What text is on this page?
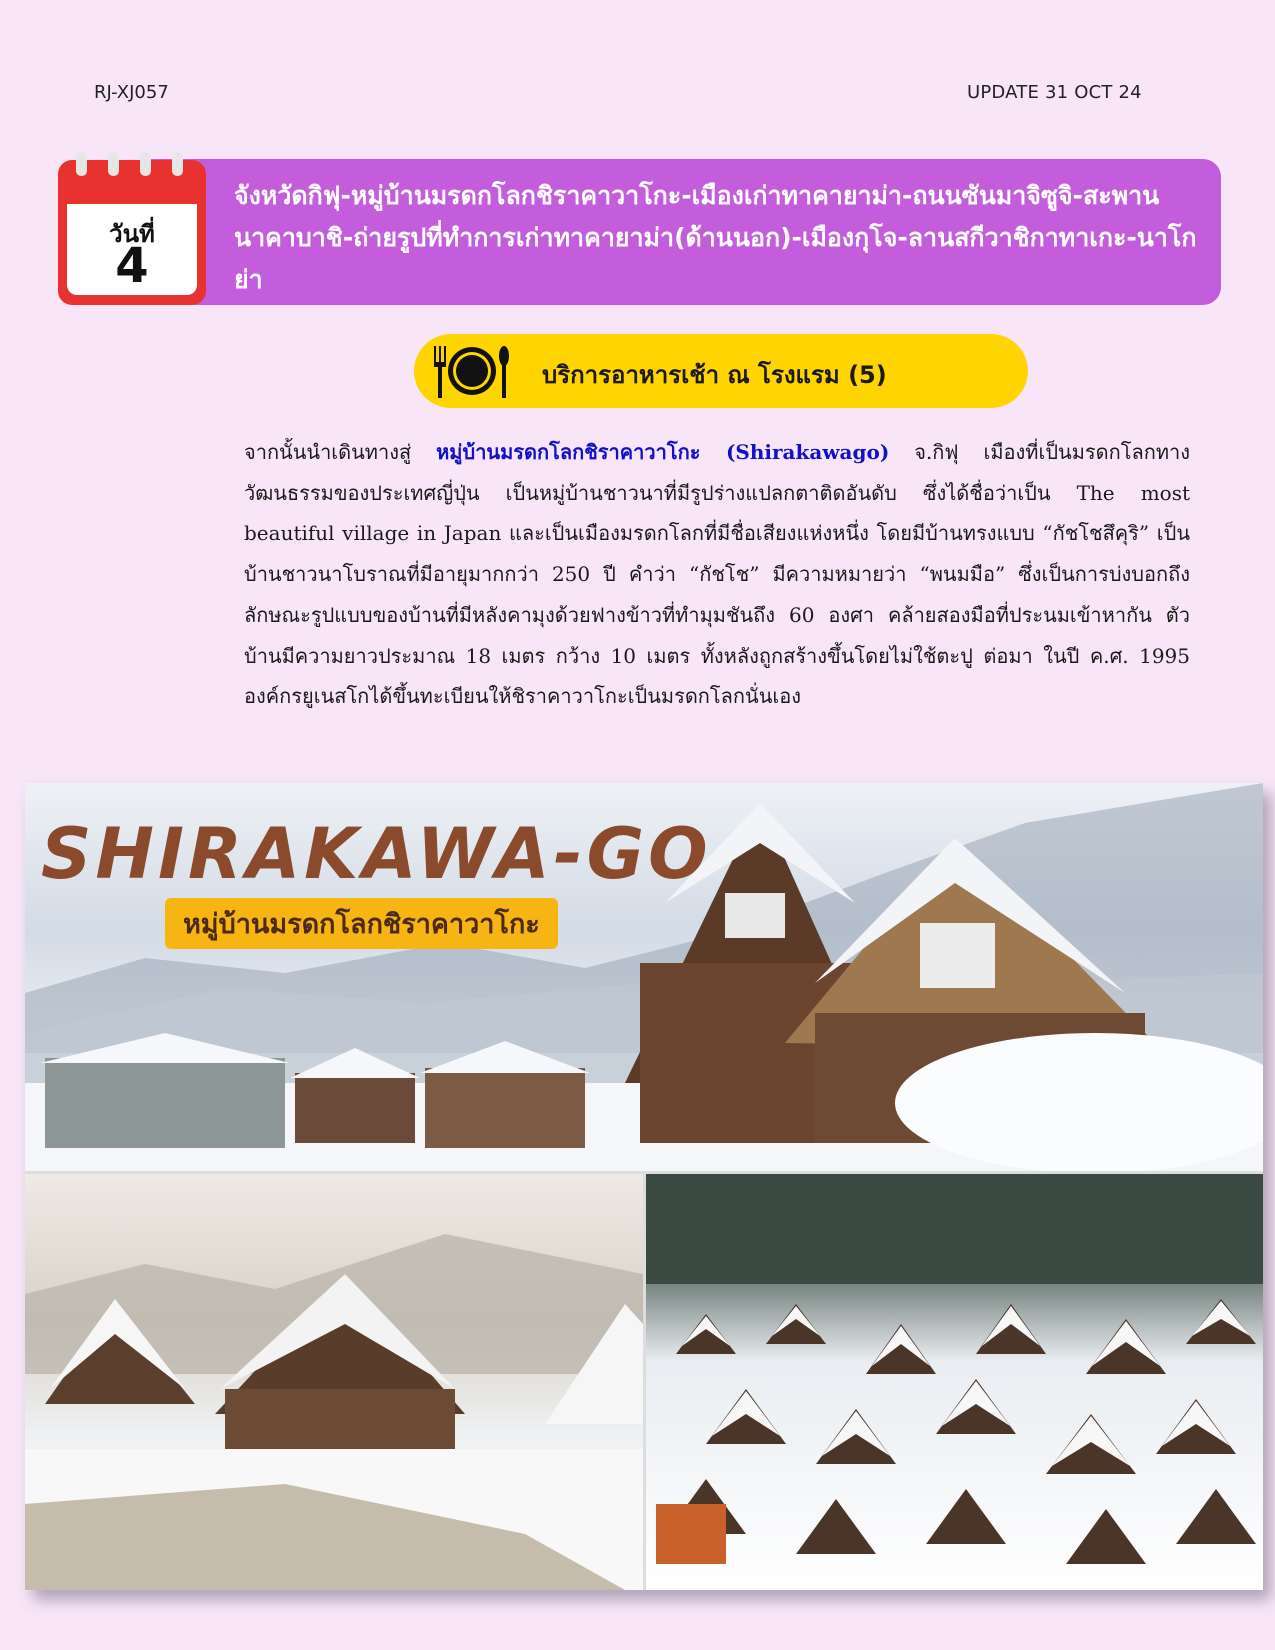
RJ-XJ057	UPDATE 31 OCT 24
จังหวัดกิฟุ-หมู่บ้านมรดกโลกชิราคาวาโกะ-เมืองเก่าทาคายาม่า-ถนนซันมาจิซูจิ-สะพานนาคาบาชิ-ถ่ายรูปที่ทำการเก่าทาคายาม่า(ด้านนอก)-เมืองกุโจ-ลานสกีวาชิกาทาเกะ-นาโกย่า
วันที่
4
บริการอาหารเช้า ณ โรงแรม (5)
จากนั้นนำเดินทางสู่ หมู่บ้านมรดกโลกชิราคาวาโกะ (Shirakawago) จ.กิฟุ เมืองที่เป็นมรดกโลกทางวัฒนธรรมของประเทศญี่ปุ่น เป็นหมู่บ้านชาวนาที่มีรูปร่างแปลกตาติดอันดับ ซึ่งได้ชื่อว่าเป็น The most beautiful village in Japan และเป็นเมืองมรดกโลกที่มีชื่อเสียงแห่งหนึ่ง โดยมีบ้านทรงแบบ “กัชโชสึคุริ” เป็นบ้านชาวนาโบราณที่มีอายุมากกว่า 250 ปี คำว่า “กัชโช” มีความหมายว่า “พนมมือ” ซึ่งเป็นการบ่งบอกถึงลักษณะรูปแบบของบ้านที่มีหลังคามุงด้วยฟางข้าวที่ทำมุมชันถึง 60 องศา คล้ายสองมือที่ประนมเข้าหากัน ตัวบ้านมีความยาวประมาณ 18 เมตร กว้าง 10 เมตร ทั้งหลังถูกสร้างขึ้นโดยไม่ใช้ตะปู ต่อมา ในปี ค.ศ. 1995 องค์กรยูเนสโกได้ขึ้นทะเบียนให้ชิราคาวาโกะเป็นมรดกโลกนั่นเอง
SHIRAKAWA-GO
หมู่บ้านมรดกโลกชิราคาวาโกะ
